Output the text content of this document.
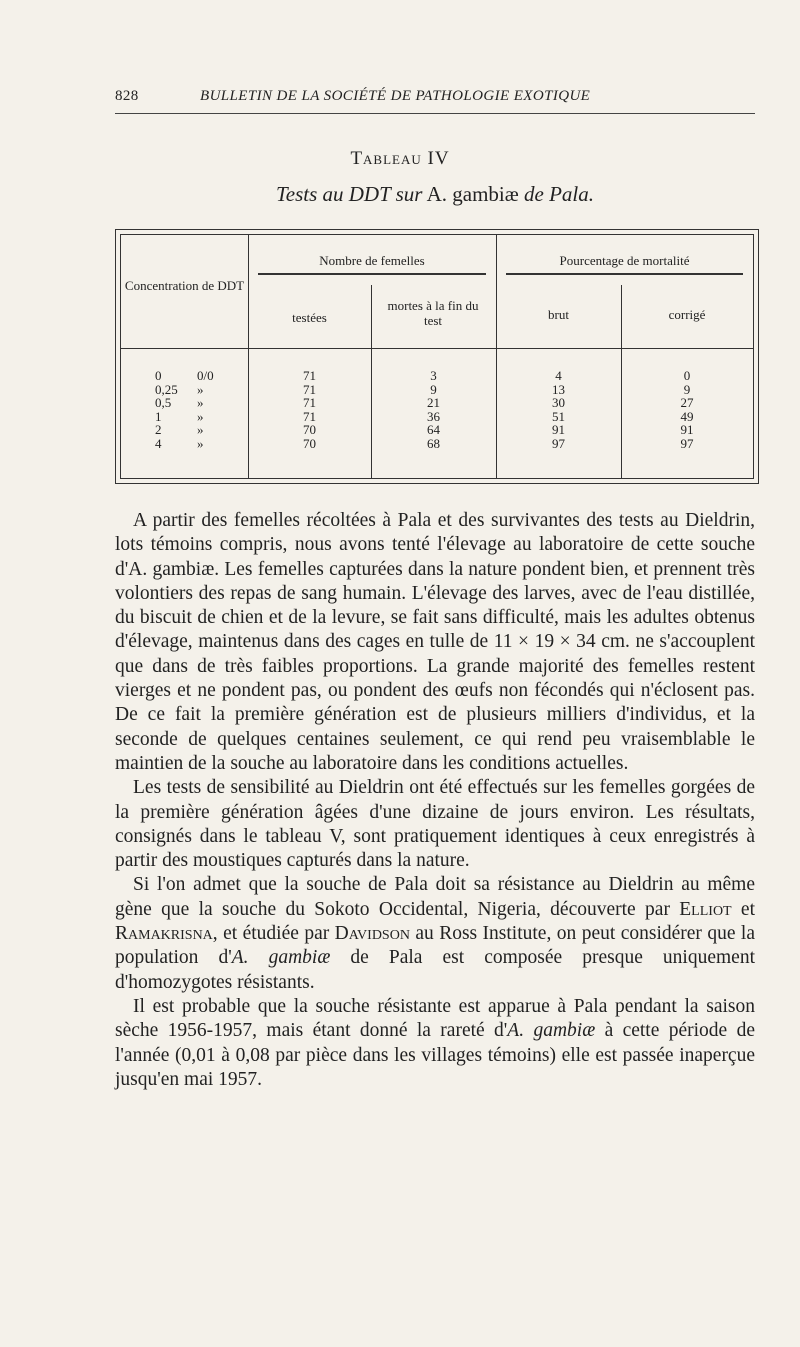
828	BULLETIN DE LA SOCIÉTÉ DE PATHOLOGIE EXOTIQUE

Tableau IV
Tests au DDT sur A. gambiæ de Pala.
Concentration de DDT
Nombre de femelles
testées
mortes à la fin du test
Pourcentage de mortalité
brut	corrigé
0
0,25
0,5
1
2
4
0/0
»
»
»
»
»
71
71
71
71
70
70
3
9
21
36
64
68
4
13
30
51
91
97
0
9
27
49
91
97

A partir des femelles récoltées à Pala et des survivantes des tests au Dieldrin, lots témoins compris, nous avons tenté l'élevage au laboratoire de cette souche d'A. gambiæ. Les femelles capturées dans la nature pondent bien, et prennent très volontiers des repas de sang humain. L'élevage des larves, avec de l'eau distillée, du biscuit de chien et de la levure, se fait sans difficulté, mais les adultes obtenus d'élevage, maintenus dans des cages en tulle de 11 × 19 × 34 cm. ne s'accouplent que dans de très faibles proportions. La grande majorité des femelles restent vierges et ne pondent pas, ou pondent des œufs non fécondés qui n'éclosent pas. De ce fait la première génération est de plusieurs milliers d'individus, et la seconde de quelques centaines seulement, ce qui rend peu vraisemblable le maintien de la souche au laboratoire dans les conditions actuelles.

Les tests de sensibilité au Dieldrin ont été effectués sur les femelles gorgées de la première génération âgées d'une dizaine de jours environ. Les résultats, consignés dans le tableau V, sont pratiquement identiques à ceux enregistrés à partir des moustiques capturés dans la nature.

Si l'on admet que la souche de Pala doit sa résistance au Dieldrin au même gène que la souche du Sokoto Occidental, Nigeria, découverte par Elliot et Ramakrisna, et étudiée par Davidson au Ross Institute, on peut considérer que la population d'A. gambiæ de Pala est composée presque uniquement d'homozygotes résistants.

Il est probable que la souche résistante est apparue à Pala pendant la saison sèche 1956-1957, mais étant donné la rareté d'A. gambiæ à cette période de l'année (0,01 à 0,08 par pièce dans les villages témoins) elle est passée inaperçue jusqu'en mai 1957.
